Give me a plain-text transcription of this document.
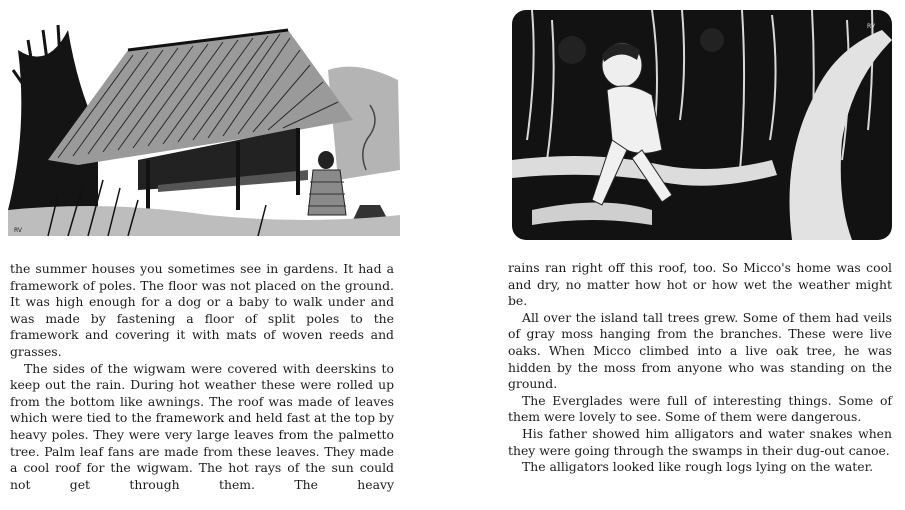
RV
RV

the summer houses you sometimes see in gardens. It had a framework of poles. The floor was not placed on the ground. It was high enough for a dog or a baby to walk under and was made by fastening a floor of split poles to the framework and covering it with mats of woven reeds and grasses.

The sides of the wigwam were covered with deerskins to keep out the rain. During hot weather these were rolled up from the bottom like awnings. The roof was made of leaves which were tied to the framework and held fast at the top by heavy poles. They were very large leaves from the palmetto tree. Palm leaf fans are made from these leaves. They made a cool roof for the wigwam. The hot rays of the sun could not get through them. The heavy

rains ran right off this roof, too. So Micco's home was cool and dry, no matter how hot or how wet the weather might be.

All over the island tall trees grew. Some of them had veils of gray moss hanging from the branches. These were live oaks. When Micco climbed into a live oak tree, he was hidden by the moss from anyone who was standing on the ground.

The Everglades were full of interesting things. Some of them were lovely to see. Some of them were dangerous.

His father showed him alligators and water snakes when they were going through the swamps in their dug-out canoe.

The alligators looked like rough logs lying on the water.
